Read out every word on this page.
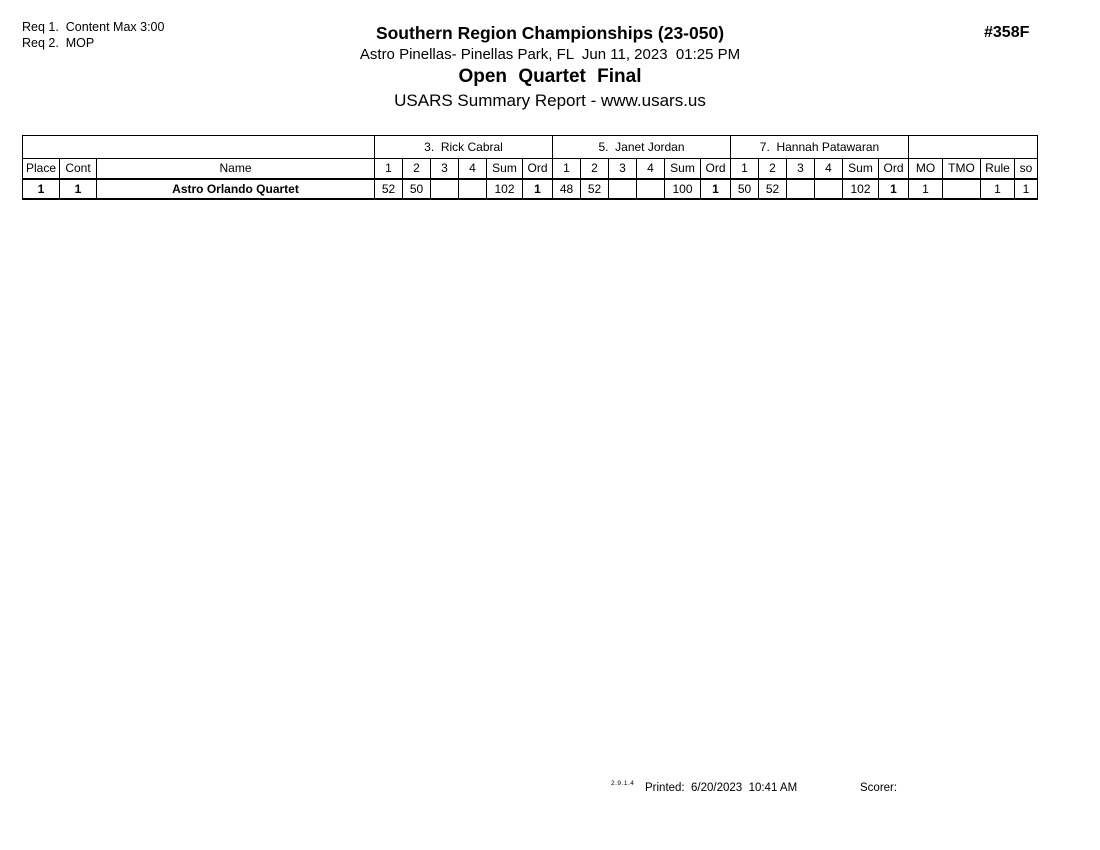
Req 1.  Content Max 3:00
Req 2.  MOP	Southern Region Championships (23-050)
Astro Pinellas- Pinellas Park, FL  Jun 11, 2023  01:25 PM
Open Quartet Final
USARS Summary Report - www.usars.us
#358F
			3.  Rick Cabral						5.  Janet Jordan						7.  Hannah Patawaran									
Place	Cont	Name	1	2	3	4	Sum	Ord	1	2	3	4	Sum	Ord	1	2	3	4	Sum	Ord	MO	TMO	Rule	so
1	1	Astro Orlando Quartet	52	50			102	1	48	52			100	1	50	52			102	1	1		1	1
2.9.1.4 Printed:  6/20/2023  10:41 AM	Scorer:
